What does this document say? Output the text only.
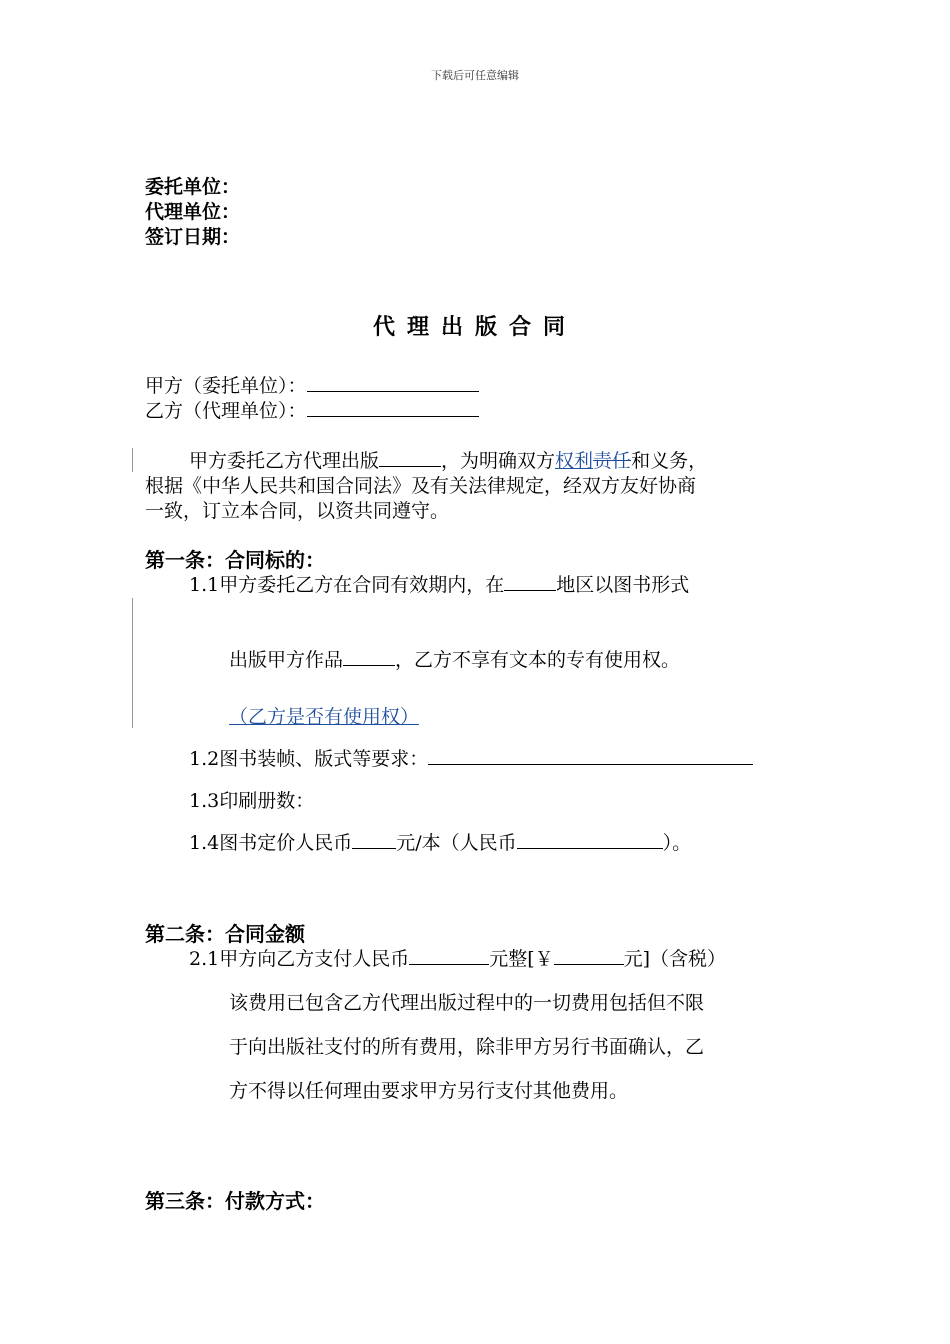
下载后可任意编辑
委托单位：
代理单位：
签订日期：
代理出版合同
甲方（委托单位）：
乙方（代理单位）：
甲方委托乙方代理出版	，为明确双方权利责任和义务，
根据《中华人民共和国合同法》及有关法律规定，经双方友好协商
一致，订立本合同，以资共同遵守。
第一条：合同标的：
1.1甲方委托乙方在合同有效期内，在	地区以图书形式
出版甲方作品	，乙方不享有文本的专有使用权。
（乙方是否有使用权）
1.2图书装帧、版式等要求：
1.3印刷册数：
1.4图书定价人民币 元/本（人民币	）。
第二条：合同金额
2.1甲方向乙方支付人民币	元整[￥	元]（含税）
该费用已包含乙方代理出版过程中的一切费用包括但不限
于向出版社支付的所有费用，除非甲方另行书面确认，乙
方不得以任何理由要求甲方另行支付其他费用。
第三条：付款方式：
